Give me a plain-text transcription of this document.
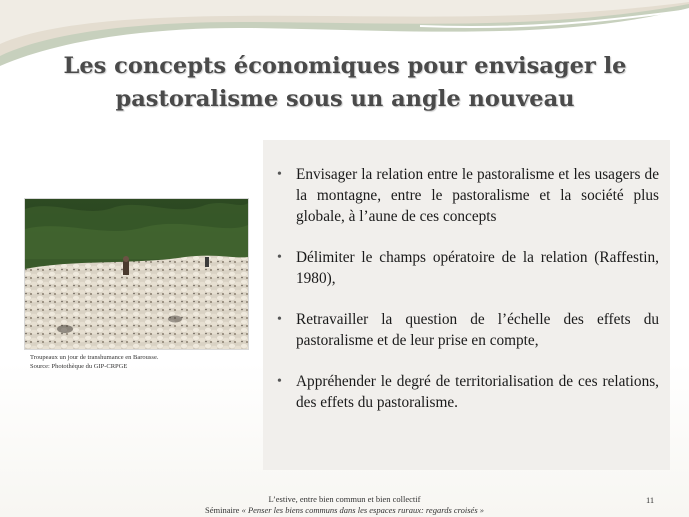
Les concepts économiques pour envisager le
pastoralisme sous un angle nouveau
Troupeaux un jour de transhumance en Barousse.
Source: Photothèque du GIP-CRPGE
• Envisager la relation entre le pastoralisme et les usagers de la montagne, entre le pastoralisme et la société plus globale, à l’aune de ces concepts
• Délimiter le champs opératoire de la relation (Raffestin, 1980),
• Retravailler la question de l’échelle des effets du pastoralisme et de leur prise en compte,
• Appréhender le degré de territorialisation de ces relations, des effets du pastoralisme.
L’estive, entre bien commun et bien collectif
Séminaire « Penser les biens communs dans les espaces ruraux: regards croisés »
11
